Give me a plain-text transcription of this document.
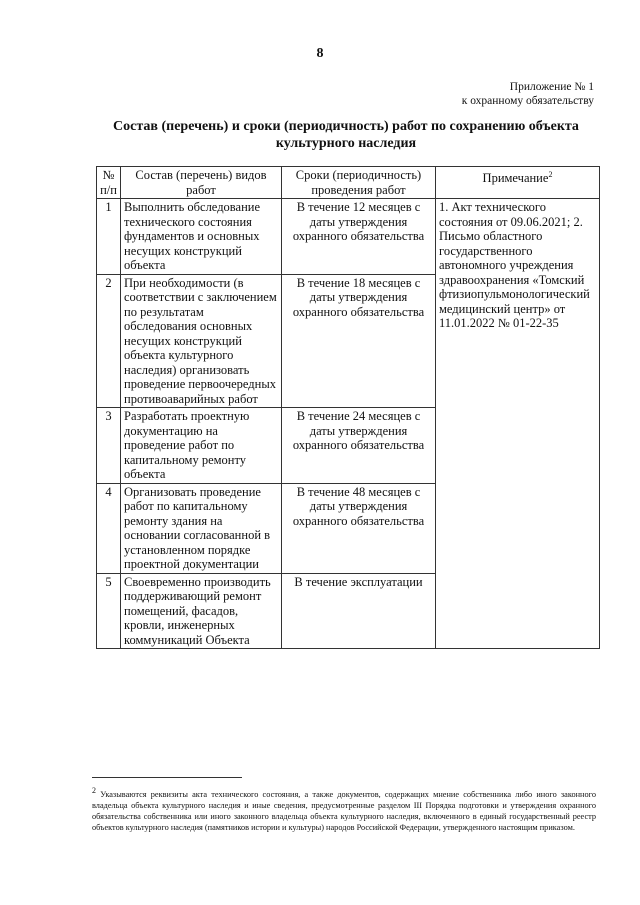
8
Приложение № 1
к охранному обязательству
Состав (перечень) и сроки (периодичность) работ по сохранению объекта
культурного наследия
№ п/п	Состав (перечень) видов работ	Сроки (периодичность) проведения работ	Примечание$^2$
1	Выполнить обследование технического состояния фундаментов и основных несущих конструкций объекта	В течение 12 месяцев с даты утверждения охранного обязательства	1. Акт технического состояния от 09.06.2021; 2. Письмо областного государственного автономного учреждения здравоохранения «Томский фтизиопульмонологический медицинский центр» от 11.01.2022 № 01-22-35
2	При необходимости (в соответствии с заключением по результатам обследования основных несущих конструкций объекта культурного наследия) организовать проведение первоочередных противоаварийных работ	В течение 18 месяцев с даты утверждения охранного обязательства	
3	Разработать проектную документацию на проведение работ по капитальному ремонту объекта	В течение 24 месяцев с даты утверждения охранного обязательства	
4	Организовать проведение работ по капитальному ремонту здания на основании согласованной в установленном порядке проектной документации	В течение 48 месяцев с даты утверждения охранного обязательства	
5	Своевременно производить поддерживающий ремонт помещений, фасадов, кровли, инженерных коммуникаций Объекта	В течение эксплуатации	
$^2$ Указываются реквизиты акта технического состояния, а также документов, содержащих мнение собственника либо иного законного владельца объекта культурного наследия и иные сведения, предусмотренные разделом III Порядка подготовки и утверждения охранного обязательства собственника или иного законного владельца объекта культурного наследия, включенного в единый государственный реестр объектов культурного наследия (памятников истории и культуры) народов Российской Федерации, утвержденного настоящим приказом.
